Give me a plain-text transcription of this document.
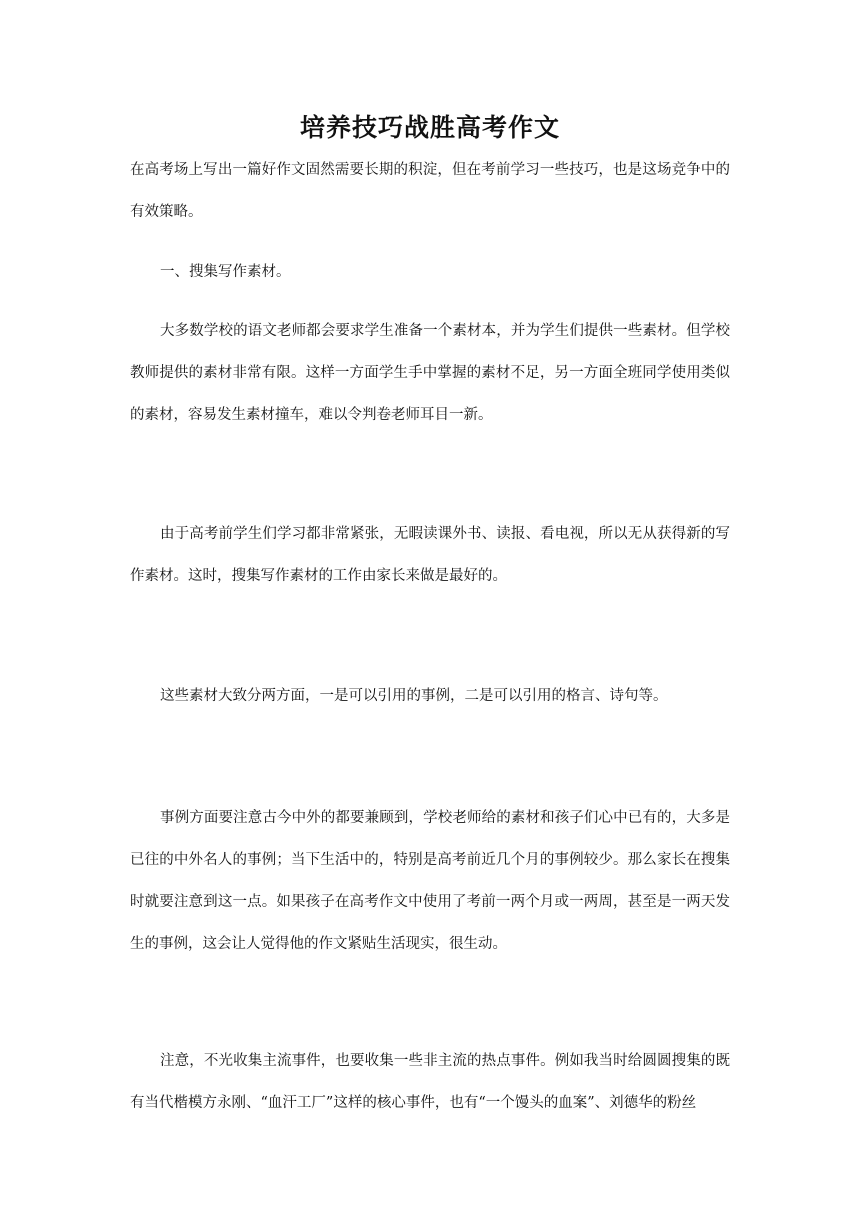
培养技巧战胜高考作文

在高考场上写出一篇好作文固然需要长期的积淀，但在考前学习一些技巧，也是这场竞争中的有效策略。

一、搜集写作素材。

大多数学校的语文老师都会要求学生准备一个素材本，并为学生们提供一些素材。但学校教师提供的素材非常有限。这样一方面学生手中掌握的素材不足，另一方面全班同学使用类似的素材，容易发生素材撞车，难以令判卷老师耳目一新。

由于高考前学生们学习都非常紧张，无暇读课外书、读报、看电视，所以无从获得新的写作素材。这时，搜集写作素材的工作由家长来做是最好的。

这些素材大致分两方面，一是可以引用的事例，二是可以引用的格言、诗句等。

事例方面要注意古今中外的都要兼顾到，学校老师给的素材和孩子们心中已有的，大多是已往的中外名人的事例；当下生活中的，特别是高考前近几个月的事例较少。那么家长在搜集时就要注意到这一点。如果孩子在高考作文中使用了考前一两个月或一两周，甚至是一两天发生的事例，这会让人觉得他的作文紧贴生活现实，很生动。

注意，不光收集主流事件，也要收集一些非主流的热点事件。例如我当时给圆圆搜集的既有当代楷模方永刚、“血汗工厂”这样的核心事件，也有“一个馒头的血案”、刘德华的粉丝
